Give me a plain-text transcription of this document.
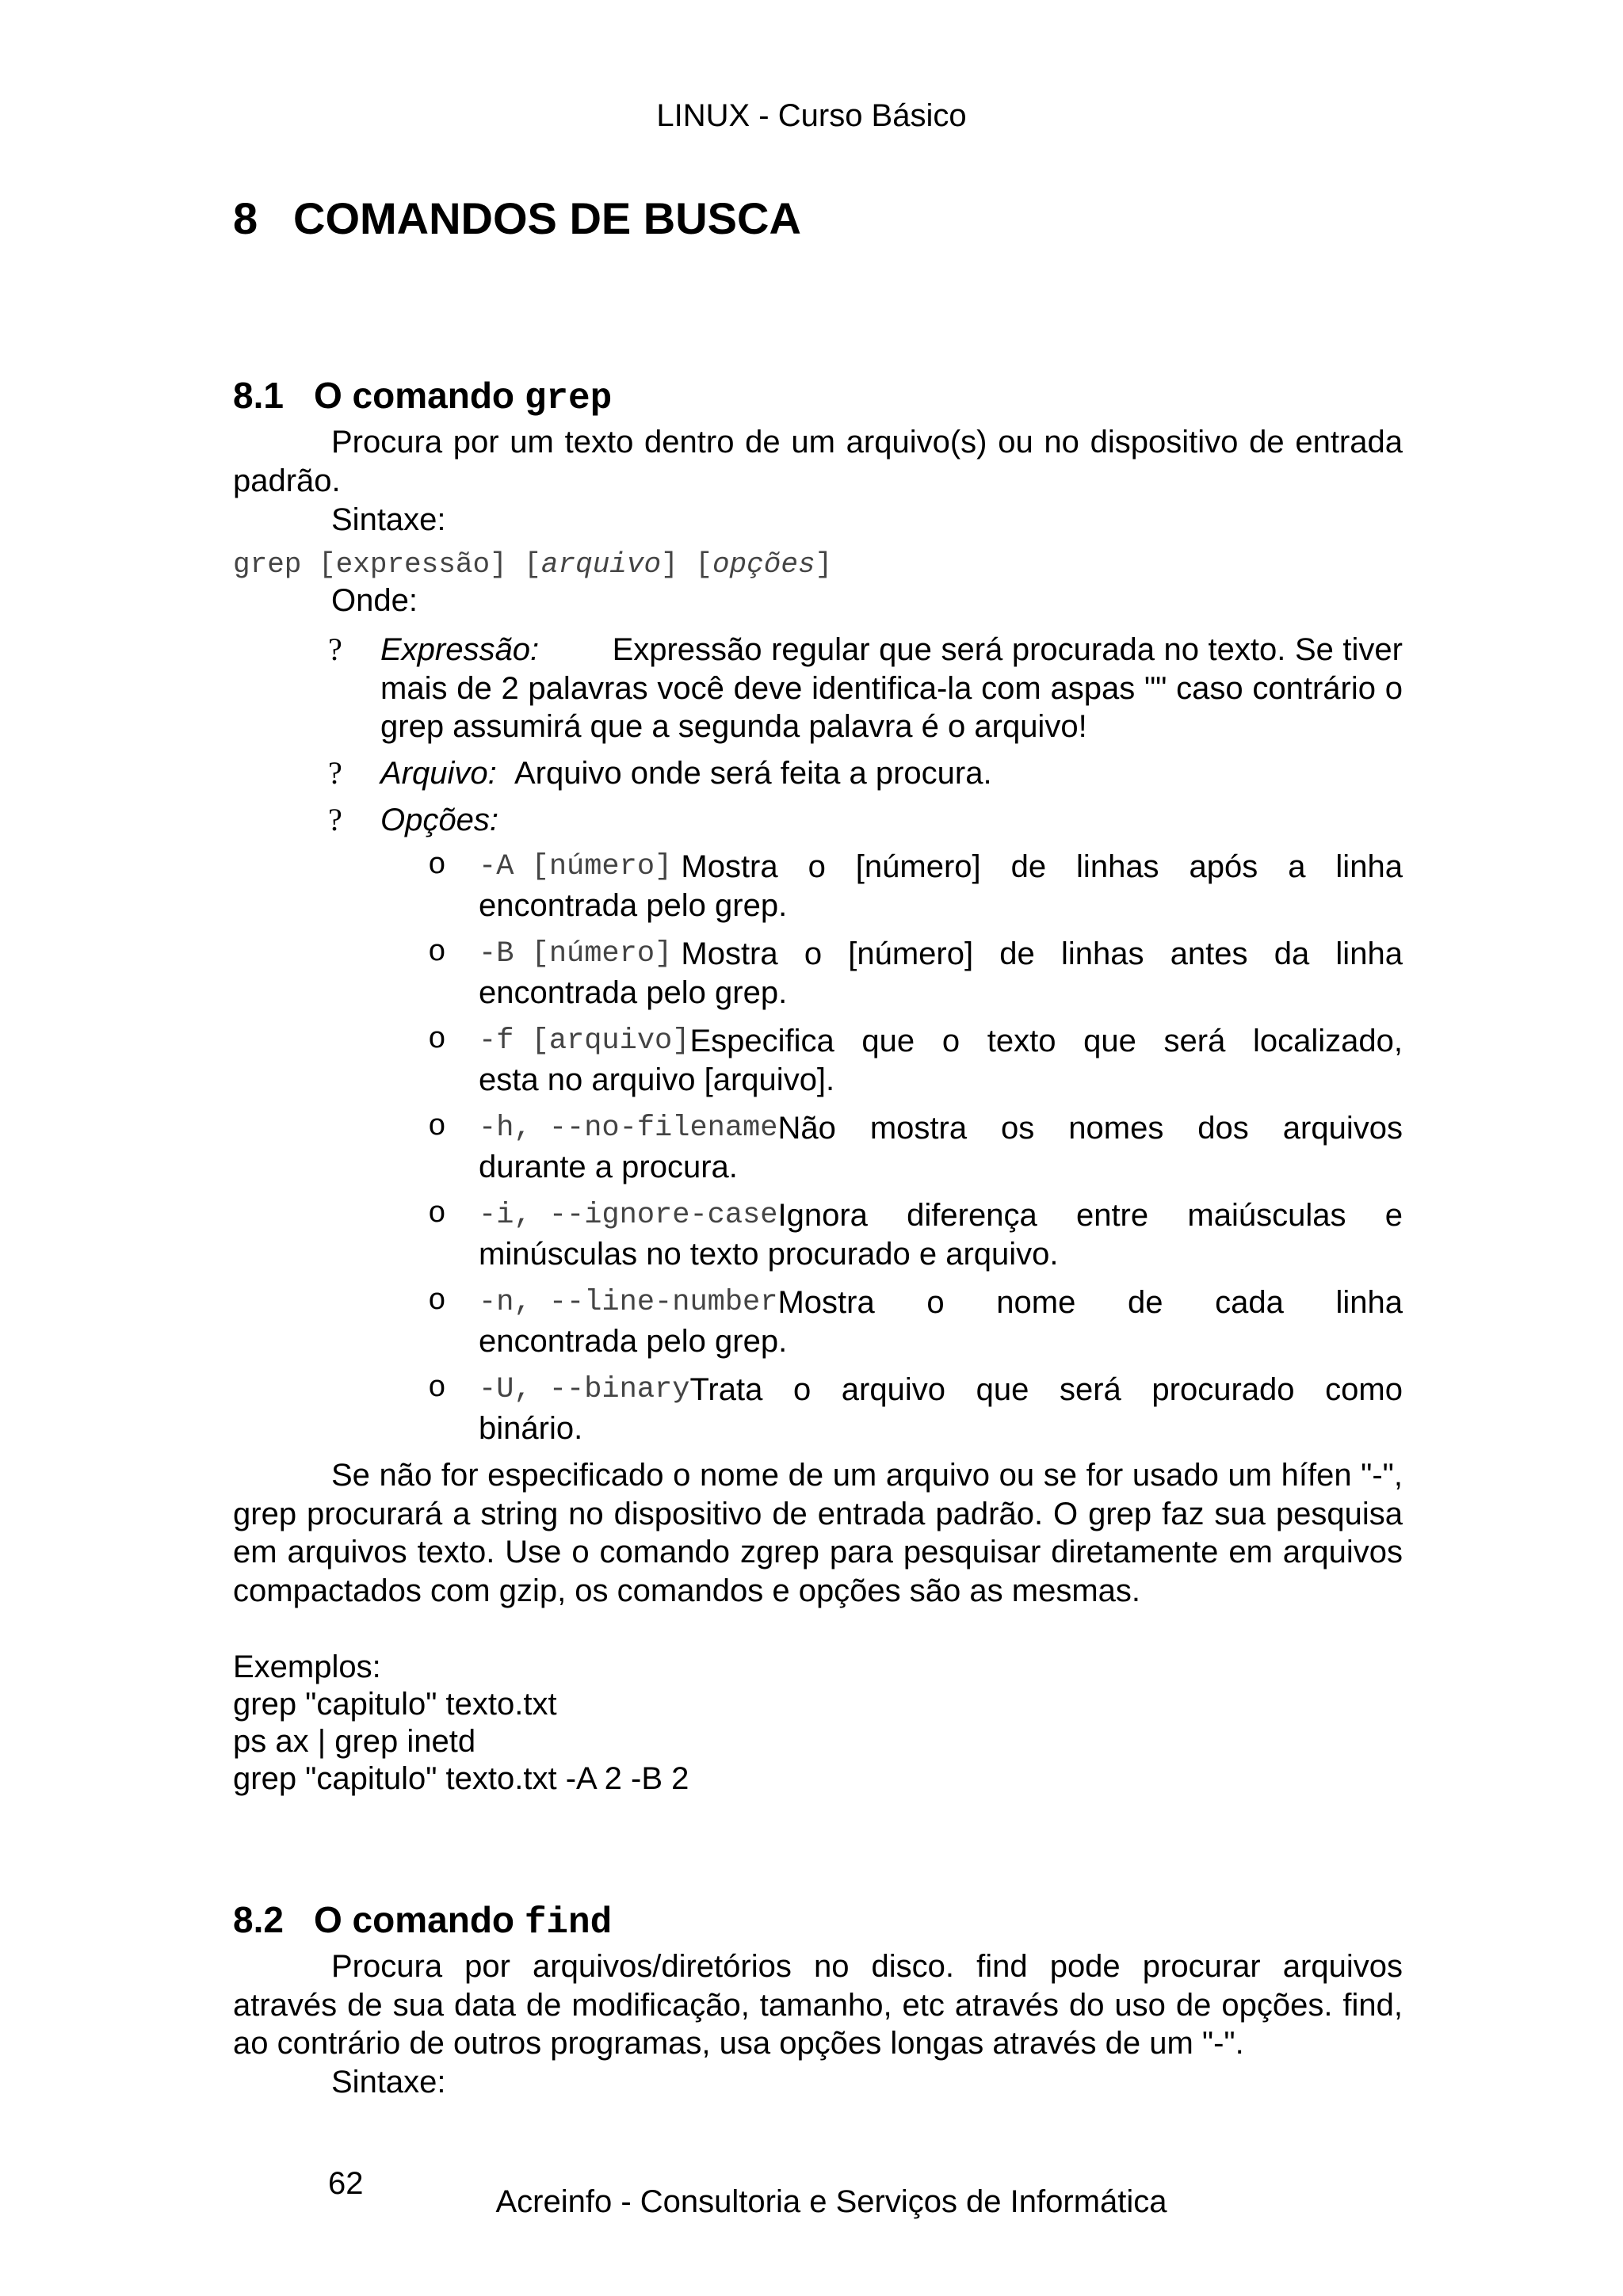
LINUX - Curso Básico
8 COMANDOS DE BUSCA
8.1 O comando grep
Procura por um texto dentro de um arquivo(s) ou no dispositivo de entrada padrão.
Sintaxe:
grep [expressão] [arquivo] [opções]
Onde:
? Expressão: Expressão regular que será procurada no texto. Se tiver mais de 2 palavras você deve identifica-la com aspas "" caso contrário o grep assumirá que a segunda palavra é o arquivo!
? Arquivo: Arquivo onde será feita a procura.
? Opções:
o -A [número]
Mostra o [número] de linhas após a linha
encontrada pelo grep.
o -B [número]
Mostra o [número] de linhas antes da linha
encontrada pelo grep.
o -f [arquivo] Especifica que o texto que será localizado,
esta no arquivo [arquivo].
o -h, --no-filename Não mostra os nomes dos arquivos
durante a procura.
o -i, --ignore-case Ignora diferença entre maiúsculas e
minúsculas no texto procurado e arquivo.
o -n, --line-number Mostra o nome de cada linha
encontrada pelo grep.
o -U, --binary Trata o arquivo que será procurado como
binário.
Se não for especificado o nome de um arquivo ou se for usado um hífen "-", grep procurará a string no dispositivo de entrada padrão. O grep faz sua pesquisa em arquivos texto. Use o comando zgrep para pesquisar diretamente em arquivos compactados com gzip, os comandos e opções são as mesmas.
Exemplos:
grep "capitulo" texto.txt
ps ax | grep inetd
grep "capitulo" texto.txt -A 2 -B 2
8.2 O comando find
Procura por arquivos/diretórios no disco. find pode procurar arquivos através de sua data de modificação, tamanho, etc através do uso de opções. find, ao contrário de outros programas, usa opções longas através de um "-".
Sintaxe:
62
Acreinfo - Consultoria e Serviços de Informática
